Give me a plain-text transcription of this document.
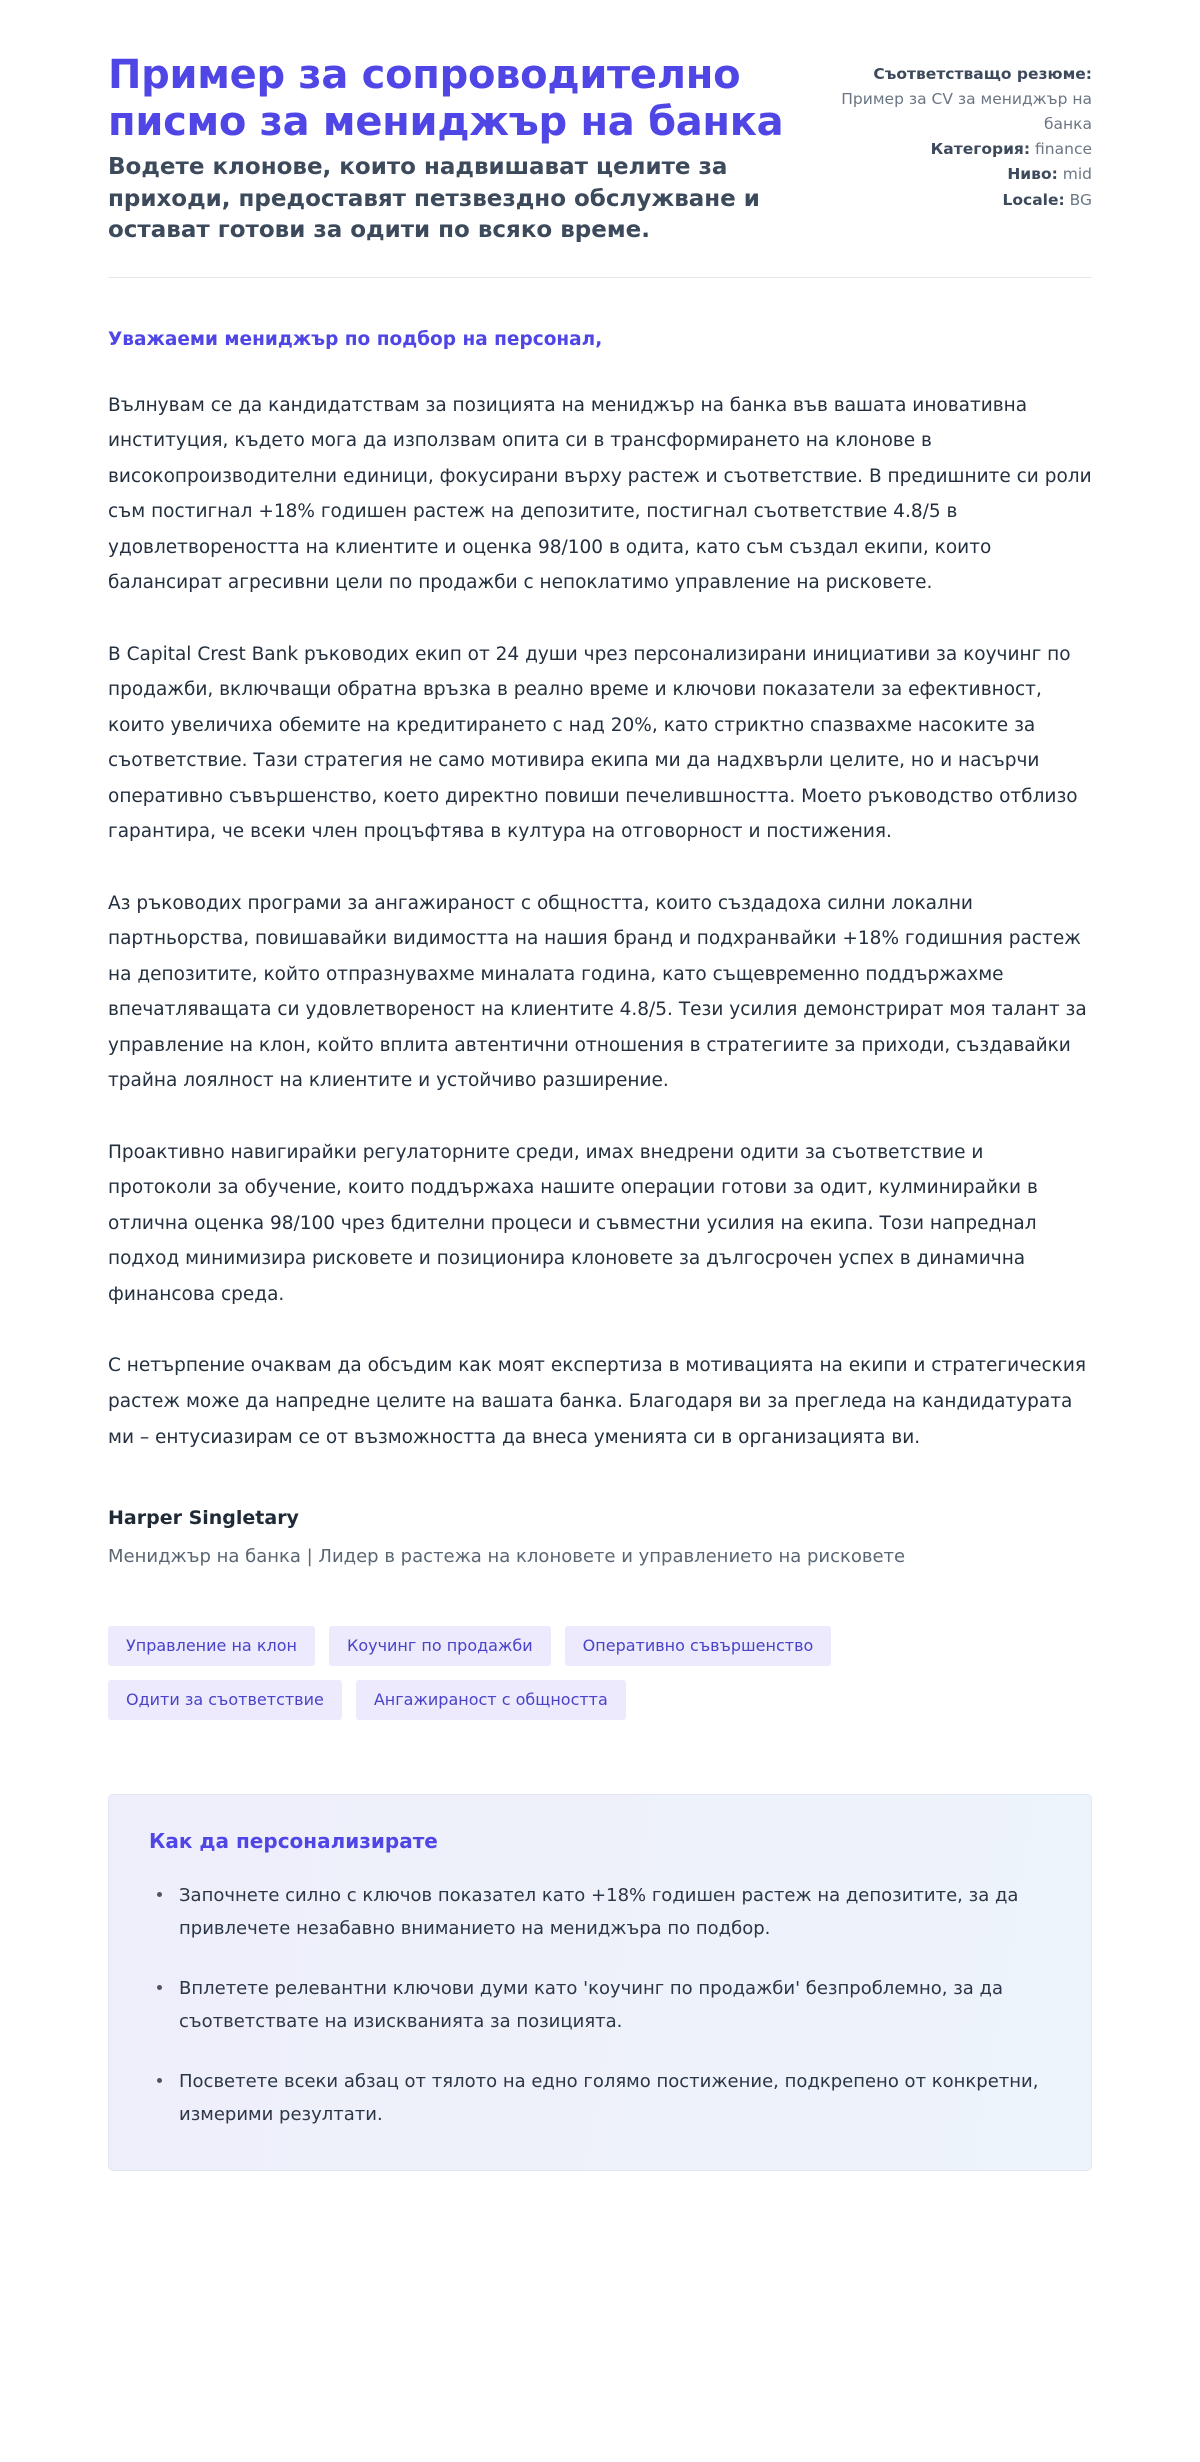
Пример за сопроводително писмо за мениджър на банка

Водете клонове, които надвишават целите за приходи, предоставят петзвездно обслужване и остават готови за одити по всяко време.

Съответстващо резюме: Пример за CV за мениджър на банка
Категория: finance
Ниво: mid
Locale: BG

Уважаеми мениджър по подбор на персонал,

Вълнувам се да кандидатствам за позицията на мениджър на банка във вашата иновативна институция, където мога да използвам опита си в трансформирането на клонове в високопроизводителни единици, фокусирани върху растеж и съответствие. В предишните си роли съм постигнал +18% годишен растеж на депозитите, постигнал съответствие 4.8/5 в удовлетвореността на клиентите и оценка 98/100 в одита, като съм създал екипи, които балансират агресивни цели по продажби с непоклатимо управление на рисковете.

В Capital Crest Bank ръководих екип от 24 души чрез персонализирани инициативи за коучинг по продажби, включващи обратна връзка в реално време и ключови показатели за ефективност, които увеличиха обемите на кредитирането с над 20%, като стриктно спазвахме насоките за съответствие. Тази стратегия не само мотивира екипа ми да надхвърли целите, но и насърчи оперативно съвършенство, което директно повиши печелившността. Моето ръководство отблизо гарантира, че всеки член процъфтява в култура на отговорност и постижения.

Аз ръководих програми за ангажираност с общността, които създадоха силни локални партньорства, повишавайки видимостта на нашия бранд и подхранвайки +18% годишния растеж на депозитите, който отпразнувахме миналата година, като същевременно поддържахме впечатляващата си удовлетвореност на клиентите 4.8/5. Тези усилия демонстрират моя талант за управление на клон, който вплита автентични отношения в стратегиите за приходи, създавайки трайна лоялност на клиентите и устойчиво разширение.

Проактивно навигирайки регулаторните среди, имах внедрени одити за съответствие и протоколи за обучение, които поддържаха нашите операции готови за одит, кулминирайки в отлична оценка 98/100 чрез бдителни процеси и съвместни усилия на екипа. Този напреднал подход минимизира рисковете и позиционира клоновете за дългосрочен успех в динамична финансова среда.

С нетърпение очаквам да обсъдим как моят експертиза в мотивацията на екипи и стратегическия растеж може да напредне целите на вашата банка. Благодаря ви за прегледа на кандидатурата ми – ентусиазирам се от възможността да внеса уменията си в организацията ви.

Harper Singletary

Мениджър на банка | Лидер в растежа на клоновете и управлението на рисковете

Управление на клон	Коучинг по продажби	Оперативно съвършенство
Одити за съответствие	Ангажираност с общността
Как да персонализирате
Започнете силно с ключов показател като +18% годишен растеж на депозитите, за да привлечете незабавно вниманието на мениджъра по подбор.
Вплетете релевантни ключови думи като 'коучинг по продажби' безпроблемно, за да съответствате на изискванията за позицията.
Посветете всеки абзац от тялото на едно голямо постижение, подкрепено от конкретни, измерими резултати.
